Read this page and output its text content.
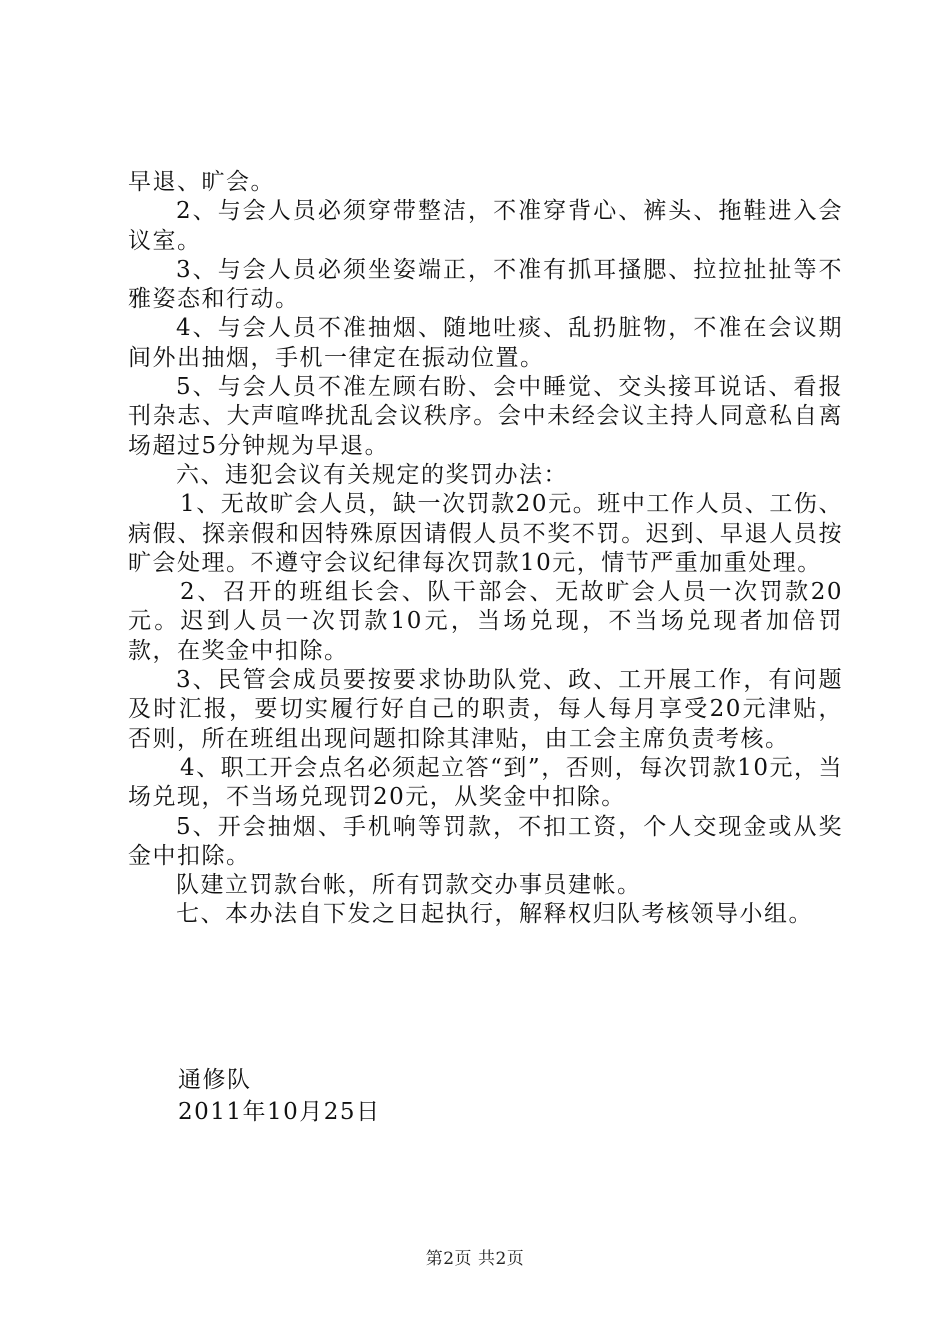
早退、旷会。

2、与会人员必须穿带整洁，不准穿背心、裤头、拖鞋进入会议室。

3、与会人员必须坐姿端正，不准有抓耳搔腮、拉拉扯扯等不雅姿态和行动。

4、与会人员不准抽烟、随地吐痰、乱扔脏物，不准在会议期间外出抽烟，手机一律定在振动位置。

5、与会人员不准左顾右盼、会中睡觉、交头接耳说话、看报刊杂志、大声喧哗扰乱会议秩序。会中未经会议主持人同意私自离场超过5分钟规为早退。

六、违犯会议有关规定的奖罚办法：

1、无故旷会人员，缺一次罚款20元。班中工作人员、工伤、病假、探亲假和因特殊原因请假人员不奖不罚。迟到、早退人员按旷会处理。不遵守会议纪律每次罚款10元，情节严重加重处理。

2、召开的班组长会、队干部会、无故旷会人员一次罚款20元。迟到人员一次罚款10元，当场兑现，不当场兑现者加倍罚款，在奖金中扣除。

3、民管会成员要按要求协助队党、政、工开展工作，有问题及时汇报，要切实履行好自己的职责，每人每月享受20元津贴，否则，所在班组出现问题扣除其津贴，由工会主席负责考核。

4、职工开会点名必须起立答“到”，否则，每次罚款10元，当场兑现，不当场兑现罚20元，从奖金中扣除。

5、开会抽烟、手机响等罚款，不扣工资，个人交现金或从奖金中扣除。

队建立罚款台帐，所有罚款交办事员建帐。

七、本办法自下发之日起执行，解释权归队考核领导小组。

通修队
2011年10月25日
第2页 共2页
